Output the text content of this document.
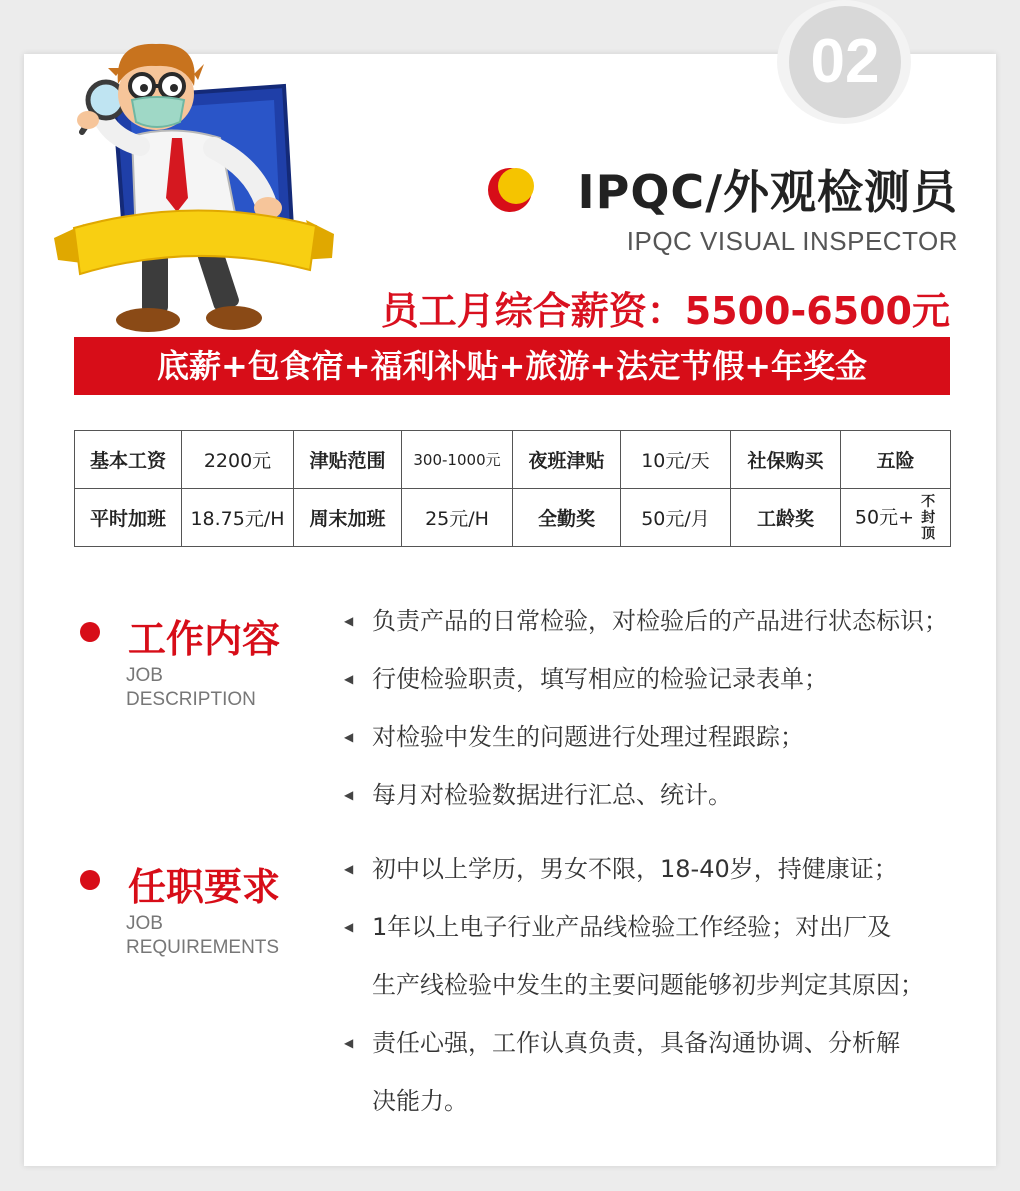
02
IPQC/外观检测员
IPQC VISUAL INSPECTOR
员工月综合薪资：5500-6500元
底薪+包食宿+福利补贴+旅游+法定节假+年奖金
基本工资	2200元	津贴范围	300-1000元	夜班津贴	10元/天	社保购买	五险
平时加班	18.75元/H	周末加班	25元/H	全勤奖	50元/月	工龄奖	50元+ 不
封
顶
工作内容
JOB
DESCRIPTION
◀ 负责产品的日常检验，对检验后的产品进行状态标识；
◀ 行使检验职责，填写相应的检验记录表单；
◀ 对检验中发生的问题进行处理过程跟踪；
◀ 每月对检验数据进行汇总、统计。
任职要求
JOB
REQUIREMENTS
◀ 初中以上学历，男女不限，18-40岁，持健康证；
◀ 1年以上电子行业产品线检验工作经验；对出厂及
生产线检验中发生的主要问题能够初步判定其原因；
◀ 责任心强，工作认真负责，具备沟通协调、分析解
决能力。
